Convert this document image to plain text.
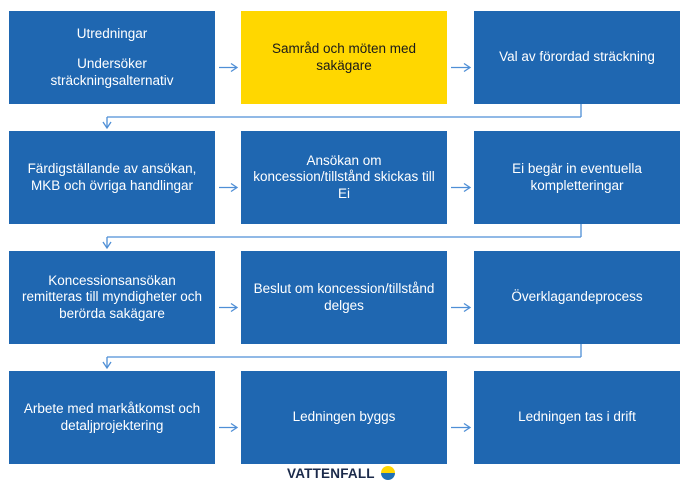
Utredningar
Undersöker
sträckningsalternativ
Samråd och möten med
sakägare
Val av förordad sträckning
Färdigställande av ansökan,
MKB och övriga handlingar
Ansökan om
koncession/tillstånd skickas till
Ei
Ei begär in eventuella
kompletteringar
Koncessionsansökan
remitteras till myndigheter och
berörda sakägare
Beslut om koncession/tillstånd
delges
Överklagandeprocess
Arbete med markåtkomst och
detaljprojektering
Ledningen byggs	Ledningen tas i drift
VATTENFALL
